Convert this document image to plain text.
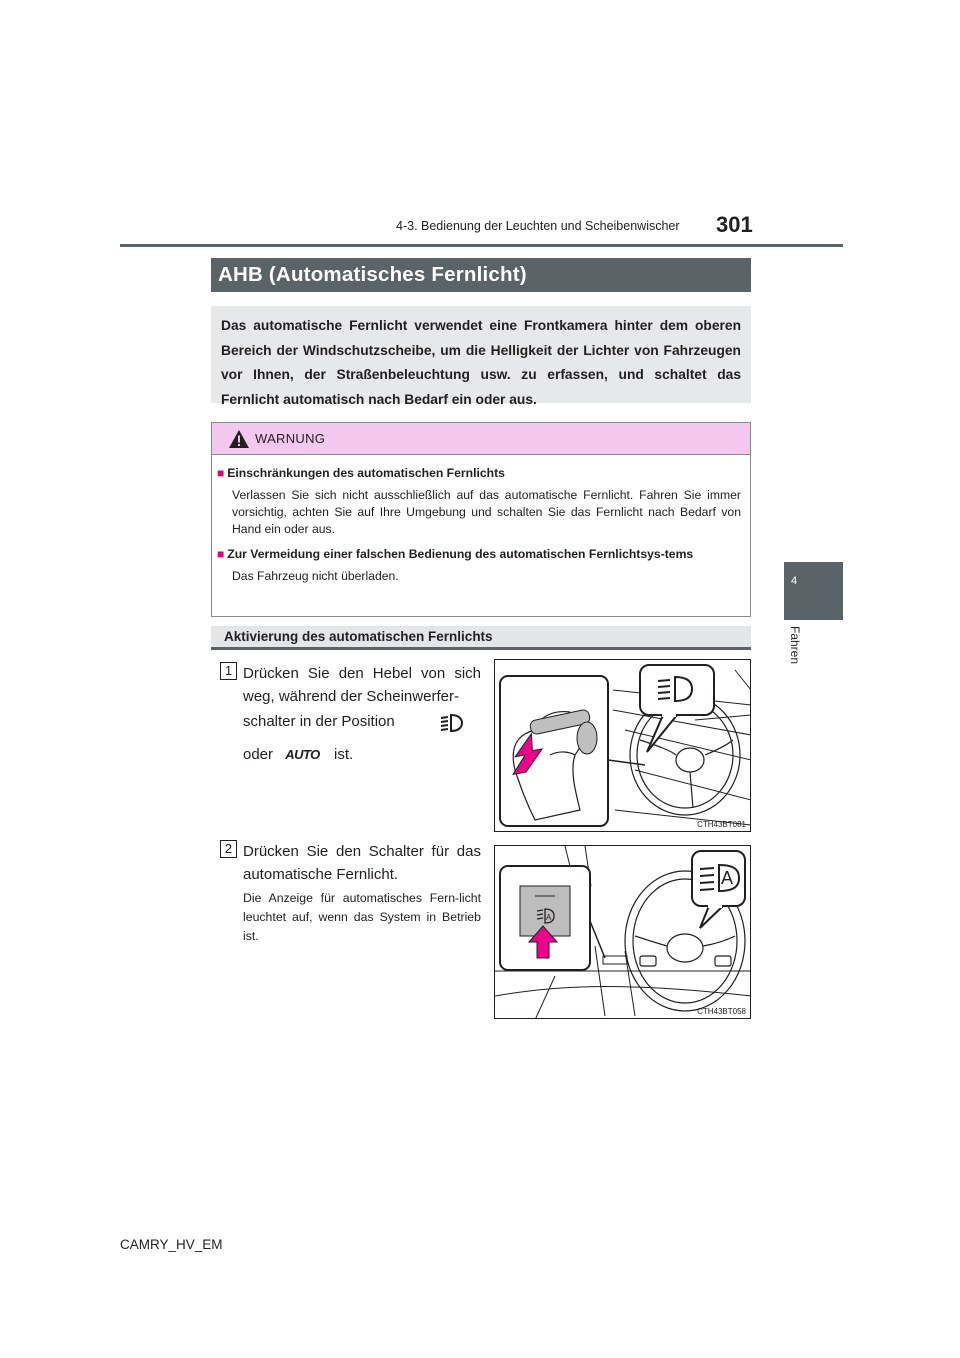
301
4-3. Bedienung der Leuchten und Scheibenwischer
4
Fahren
AHB (Automatisches Fernlicht)
Das automatische Fernlicht verwendet eine Frontkamera hinter dem oberen Bereich der Windschutzscheibe, um die Helligkeit der Lichter von Fahrzeugen vor Ihnen, der Straßenbeleuchtung usw. zu erfassen, und schaltet das Fernlicht automatisch nach Bedarf ein oder aus.
WARNUNG
■ Einschränkungen des automatischen Fernlichts
Verlassen Sie sich nicht ausschließlich auf das automatische Fernlicht. Fahren Sie immer vorsichtig, achten Sie auf Ihre Umgebung und schalten Sie das Fernlicht nach Bedarf von Hand ein oder aus.
■ Zur Vermeidung einer falschen Bedienung des automatischen Fernlichtsys-tems
Das Fahrzeug nicht überladen.
Aktivierung des automatischen Fernlichts
1 Drücken Sie den Hebel von sich weg, während der Scheinwerfer-
schalter in der Position
oder AUTO ist.
CTH43BT081
2 Drücken Sie den Schalter für das automatische Fernlicht.
Die Anzeige für automatisches Fern-licht leuchtet auf, wenn das System in Betrieb ist.
A
A
CTH43BT058
CAMRY_HV_EM
